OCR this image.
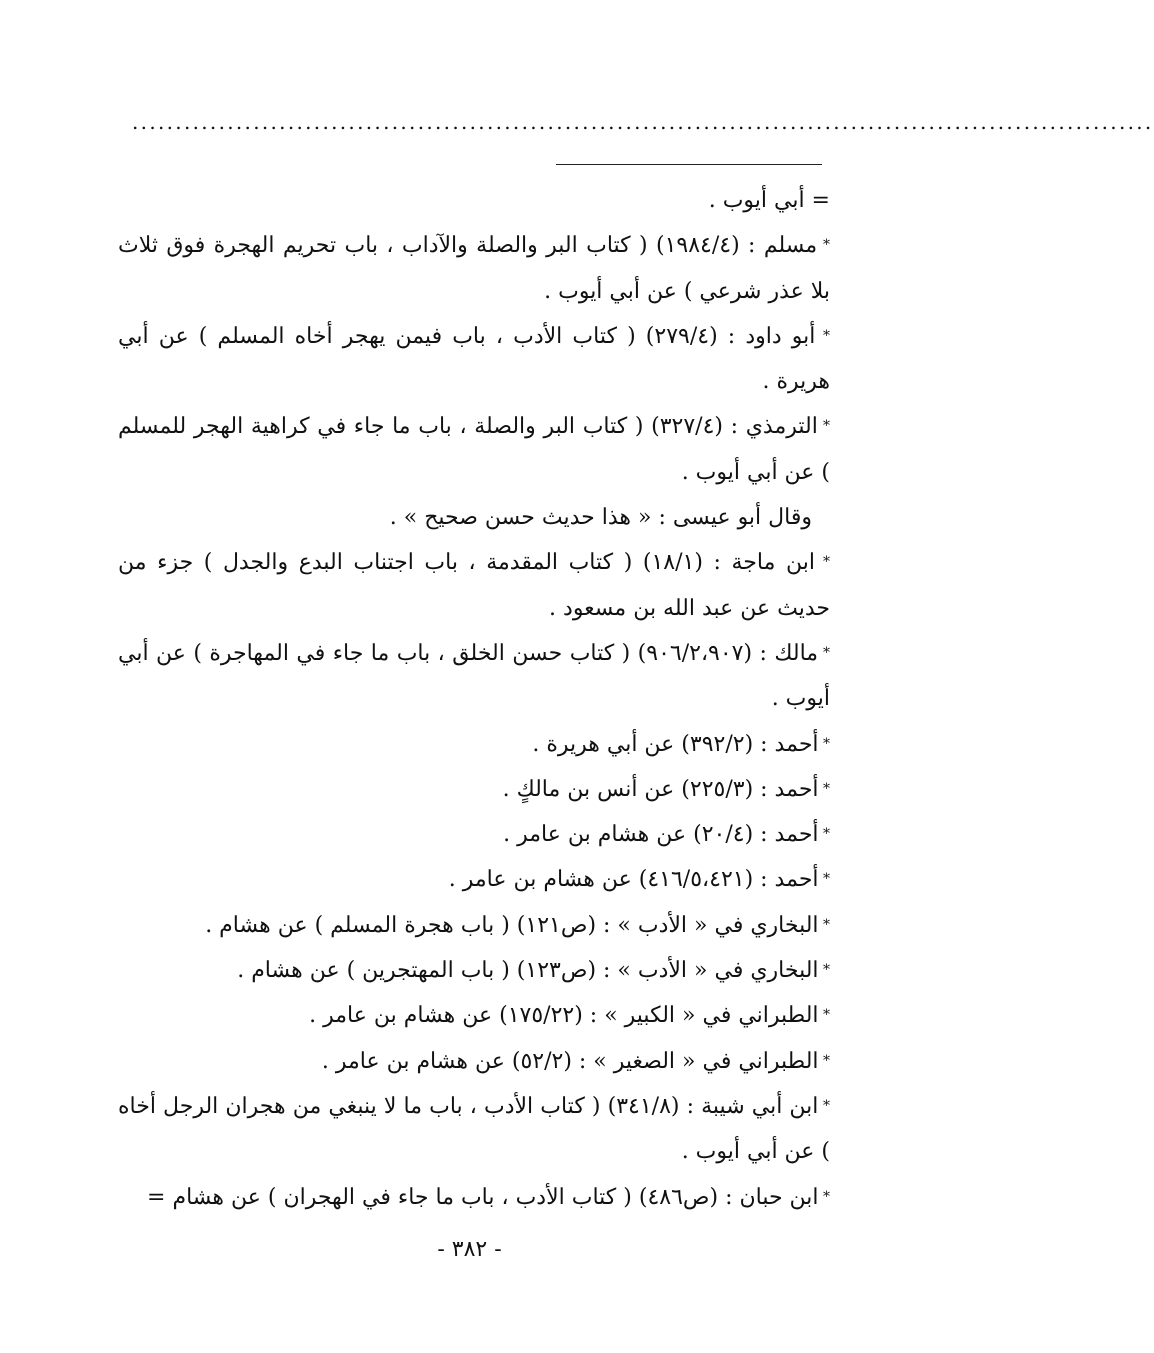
......................................................................................................................

= أبي أيوب .

* مسلم : (١٩٨٤/٤) ( كتاب البر والصلة والآداب ، باب تحريم الهجرة فوق ثلاث بلا عذر شرعي ) عن أبي أيوب .

* أبو داود : (٢٧٩/٤) ( كتاب الأدب ، باب فيمن يهجر أخاه المسلم ) عن أبي هريرة .

* الترمذي : (٣٢٧/٤) ( كتاب البر والصلة ، باب ما جاء في كراهية الهجر للمسلم ) عن أبي أيوب .

وقال أبو عيسى : « هذا حديث حسن صحيح » .

* ابن ماجة : (١٨/١) ( كتاب المقدمة ، باب اجتناب البدع والجدل ) جزء من حديث عن عبد الله بن مسعود .

* مالك : (٩٠٦/٢،٩٠٧) ( كتاب حسن الخلق ، باب ما جاء في المهاجرة ) عن أبي أيوب .

* أحمد : (٣٩٢/٢) عن أبي هريرة .

* أحمد : (٢٢٥/٣) عن أنس بن مالكٍ .

* أحمد : (٢٠/٤) عن هشام بن عامر .

* أحمد : (٤١٦/٥،٤٢١) عن هشام بن عامر .

* البخاري في « الأدب » : (ص١٢١) ( باب هجرة المسلم ) عن هشام .

* البخاري في « الأدب » : (ص١٢٣) ( باب المهتجرين ) عن هشام .

* الطبراني في « الكبير » : (١٧٥/٢٢) عن هشام بن عامر .

* الطبراني في « الصغير » : (٥٢/٢) عن هشام بن عامر .

* ابن أبي شيبة : (٣٤١/٨) ( كتاب الأدب ، باب ما لا ينبغي من هجران الرجل أخاه ) عن أبي أيوب .

* ابن حبان : (ص٤٨٦) ( كتاب الأدب ، باب ما جاء في الهجران ) عن هشام =

- ٣٨٢ -
